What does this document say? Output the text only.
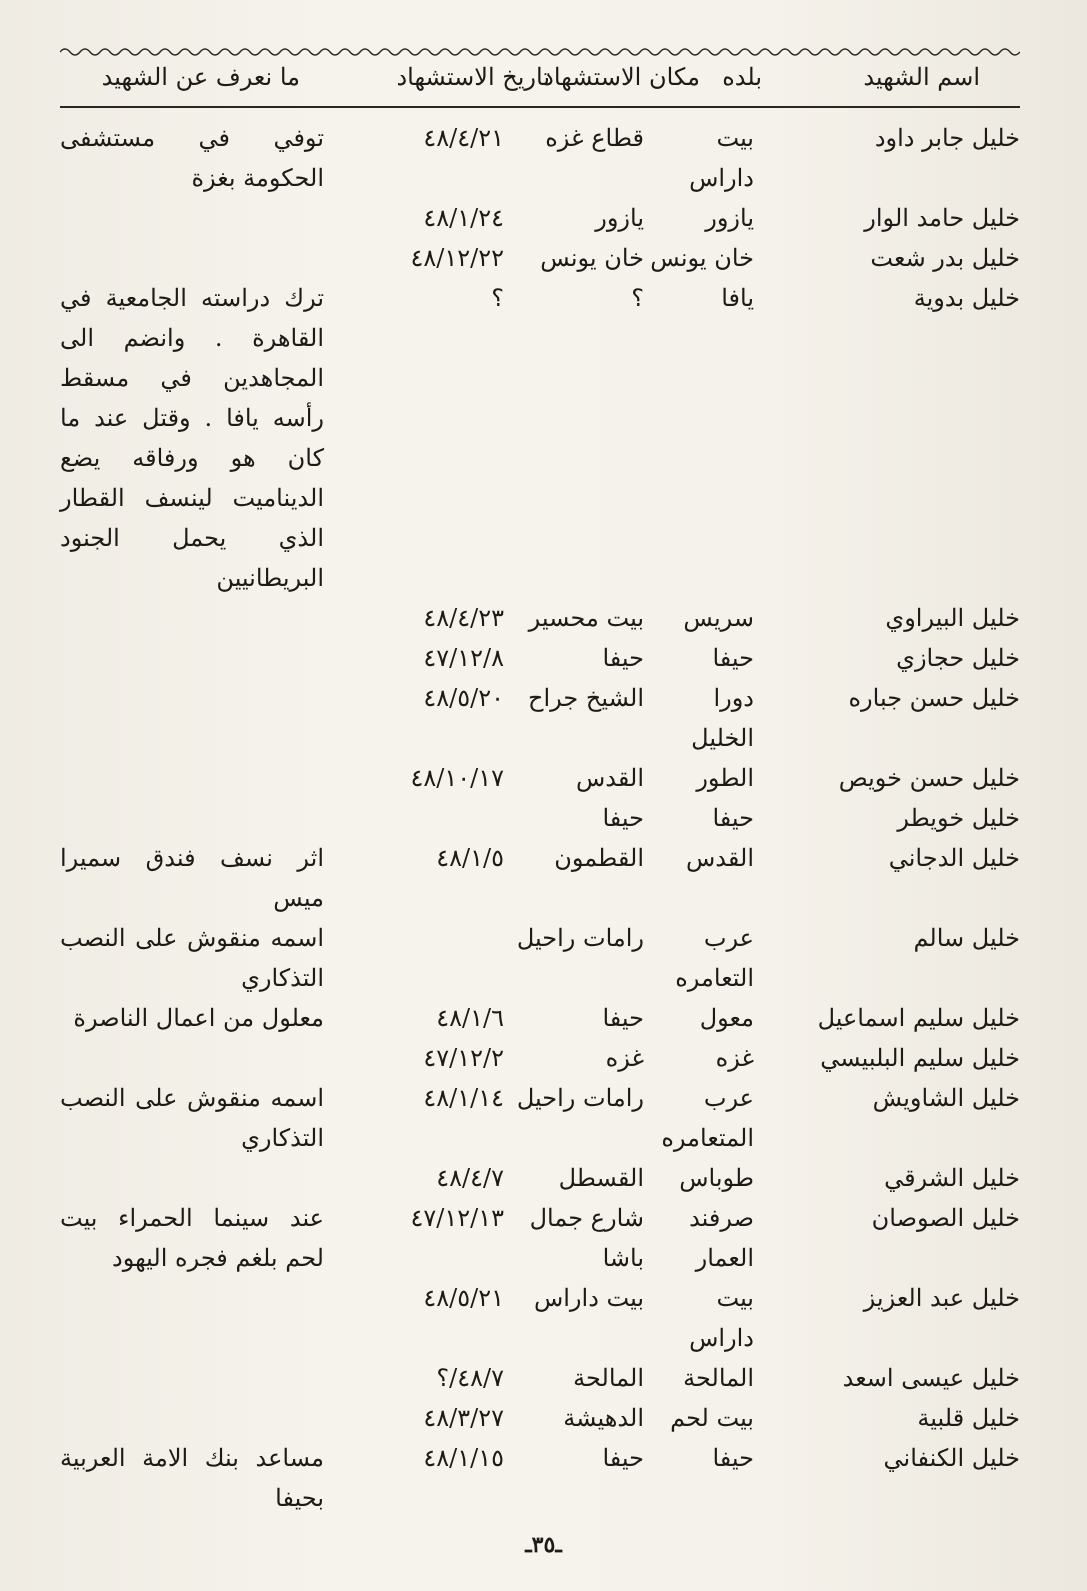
اسم الشهيد
بلده
مكان الاستشهاد
تاريخ الاستشهاد
ما نعرف عن الشهيد
خليل جابر داود
بيت داراس
قطاع غزه
٤٨/٤/٢١
توفي في مستشفى الحكومة بغزة
خليل حامد الوار
يازور
يازور
٤٨/١/٢٤
خليل بدر شعت
خان يونس
خان يونس
٤٨/١٢/٢٢
خليل بدوية
يافا
؟
؟
ترك دراسته الجامعية في القاهرة . وانضم الى المجاهدين في مسقط رأسه يافا . وقتل عند ما كان هو ورفاقه يضع الديناميت لينسف القطار الذي يحمل الجنود البريطانيين
خليل البيراوي
سريس
بيت محسير
٤٨/٤/٢٣
خليل حجازي
حيفا
حيفا
٤٧/١٢/٨
خليل حسن جباره
دورا الخليل
الشيخ جراح
٤٨/٥/٢٠
خليل حسن خويص
الطور
القدس
٤٨/١٠/١٧
خليل خويطر
حيفا
حيفا
خليل الدجاني
القدس
القطمون
٤٨/١/٥
اثر نسف فندق سميرا ميس
خليل سالم
عرب التعامره
رامات راحيل
اسمه منقوش على النصب التذكاري
خليل سليم اسماعيل
معول
حيفا
٤٨/١/٦
معلول من اعمال الناصرة
خليل سليم البلبيسي
غزه
غزه
٤٧/١٢/٢
خليل الشاويش
عرب المتعامره
رامات راحيل
٤٨/١/١٤
اسمه منقوش على النصب التذكاري
خليل الشرقي
طوباس
القسطل
٤٨/٤/٧
خليل الصوصان
صرفند العمار
شارع جمال باشا
٤٧/١٢/١٣
عند سينما الحمراء بيت لحم بلغم فجره اليهود
خليل عبد العزيز
بيت داراس
بيت داراس
٤٨/٥/٢١
خليل عيسى اسعد
المالحة
المالحة
٤٨/٧/؟
خليل قلبية
بيت لحم
الدهيشة
٤٨/٣/٢٧
خليل الكنفاني
حيفا
حيفا
٤٨/١/١٥
مساعد بنك الامة العربية بحيفا
ـ٣٥ـ
